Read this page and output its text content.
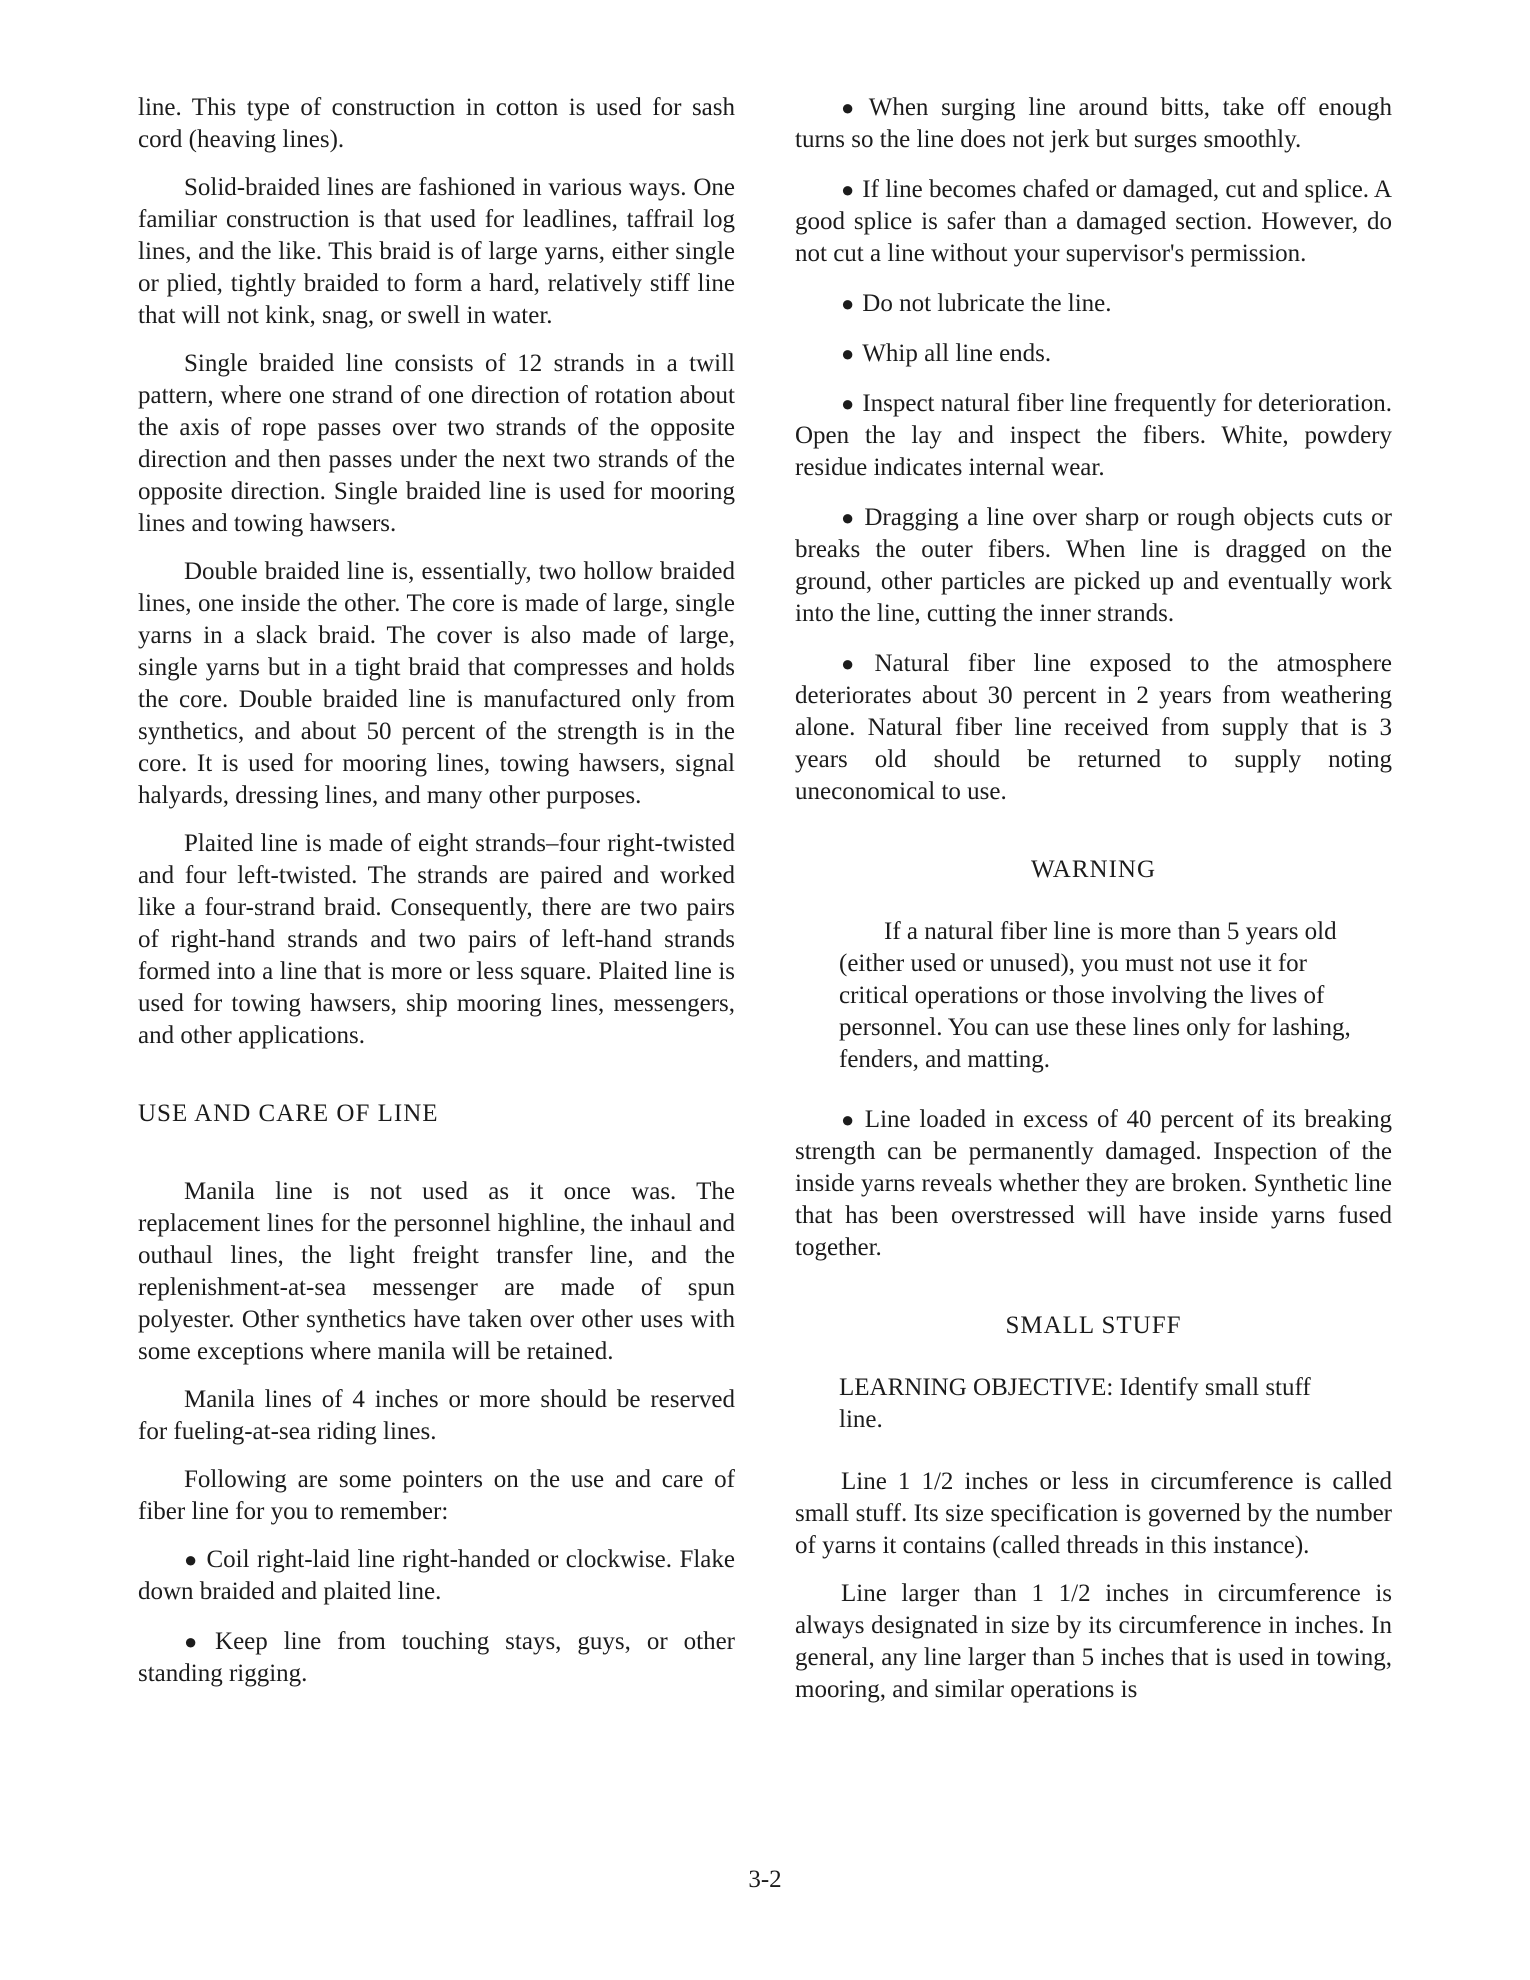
line. This type of construction in cotton is used for sash cord (heaving lines).

Solid-braided lines are fashioned in various ways. One familiar construction is that used for leadlines, taffrail log lines, and the like. This braid is of large yarns, either single or plied, tightly braided to form a hard, relatively stiff line that will not kink, snag, or swell in water.

Single braided line consists of 12 strands in a twill pattern, where one strand of one direction of rotation about the axis of rope passes over two strands of the opposite direction and then passes under the next two strands of the opposite direction. Single braided line is used for mooring lines and towing hawsers.

Double braided line is, essentially, two hollow braided lines, one inside the other. The core is made of large, single yarns in a slack braid. The cover is also made of large, single yarns but in a tight braid that compresses and holds the core. Double braided line is manufactured only from synthetics, and about 50 percent of the strength is in the core. It is used for mooring lines, towing hawsers, signal halyards, dressing lines, and many other purposes.

Plaited line is made of eight strands–four right-twisted and four left-twisted. The strands are paired and worked like a four-strand braid. Consequently, there are two pairs of right-hand strands and two pairs of left-hand strands formed into a line that is more or less square. Plaited line is used for towing hawsers, ship mooring lines, messengers, and other applications.

USE AND CARE OF LINE

Manila line is not used as it once was. The replacement lines for the personnel highline, the inhaul and outhaul lines, the light freight transfer line, and the replenishment-at-sea messenger are made of spun polyester. Other synthetics have taken over other uses with some exceptions where manila will be retained.

Manila lines of 4 inches or more should be reserved for fueling-at-sea riding lines.

Following are some pointers on the use and care of fiber line for you to remember:

● Coil right-laid line right-handed or clockwise. Flake down braided and plaited line.

● Keep line from touching stays, guys, or other standing rigging.

● When surging line around bitts, take off enough turns so the line does not jerk but surges smoothly.

● If line becomes chafed or damaged, cut and splice. A good splice is safer than a damaged section. However, do not cut a line without your supervisor's permission.

● Do not lubricate the line.

● Whip all line ends.

● Inspect natural fiber line frequently for deterioration. Open the lay and inspect the fibers. White, powdery residue indicates internal wear.

● Dragging a line over sharp or rough objects cuts or breaks the outer fibers. When line is dragged on the ground, other particles are picked up and eventually work into the line, cutting the inner strands.

● Natural fiber line exposed to the atmosphere deteriorates about 30 percent in 2 years from weathering alone. Natural fiber line received from supply that is 3 years old should be returned to supply noting uneconomical to use.

WARNING

If a natural fiber line is more than 5 years old (either used or unused), you must not use it for critical operations or those involving the lives of personnel. You can use these lines only for lashing, fenders, and matting.

● Line loaded in excess of 40 percent of its breaking strength can be permanently damaged. Inspection of the inside yarns reveals whether they are broken. Synthetic line that has been overstressed will have inside yarns fused together.

SMALL STUFF

LEARNING OBJECTIVE: Identify small stuff line.

Line 1 1/2 inches or less in circumference is called small stuff. Its size specification is governed by the number of yarns it contains (called threads in this instance).

Line larger than 1 1/2 inches in circumference is always designated in size by its circumference in inches. In general, any line larger than 5 inches that is used in towing, mooring, and similar operations is

3-2
